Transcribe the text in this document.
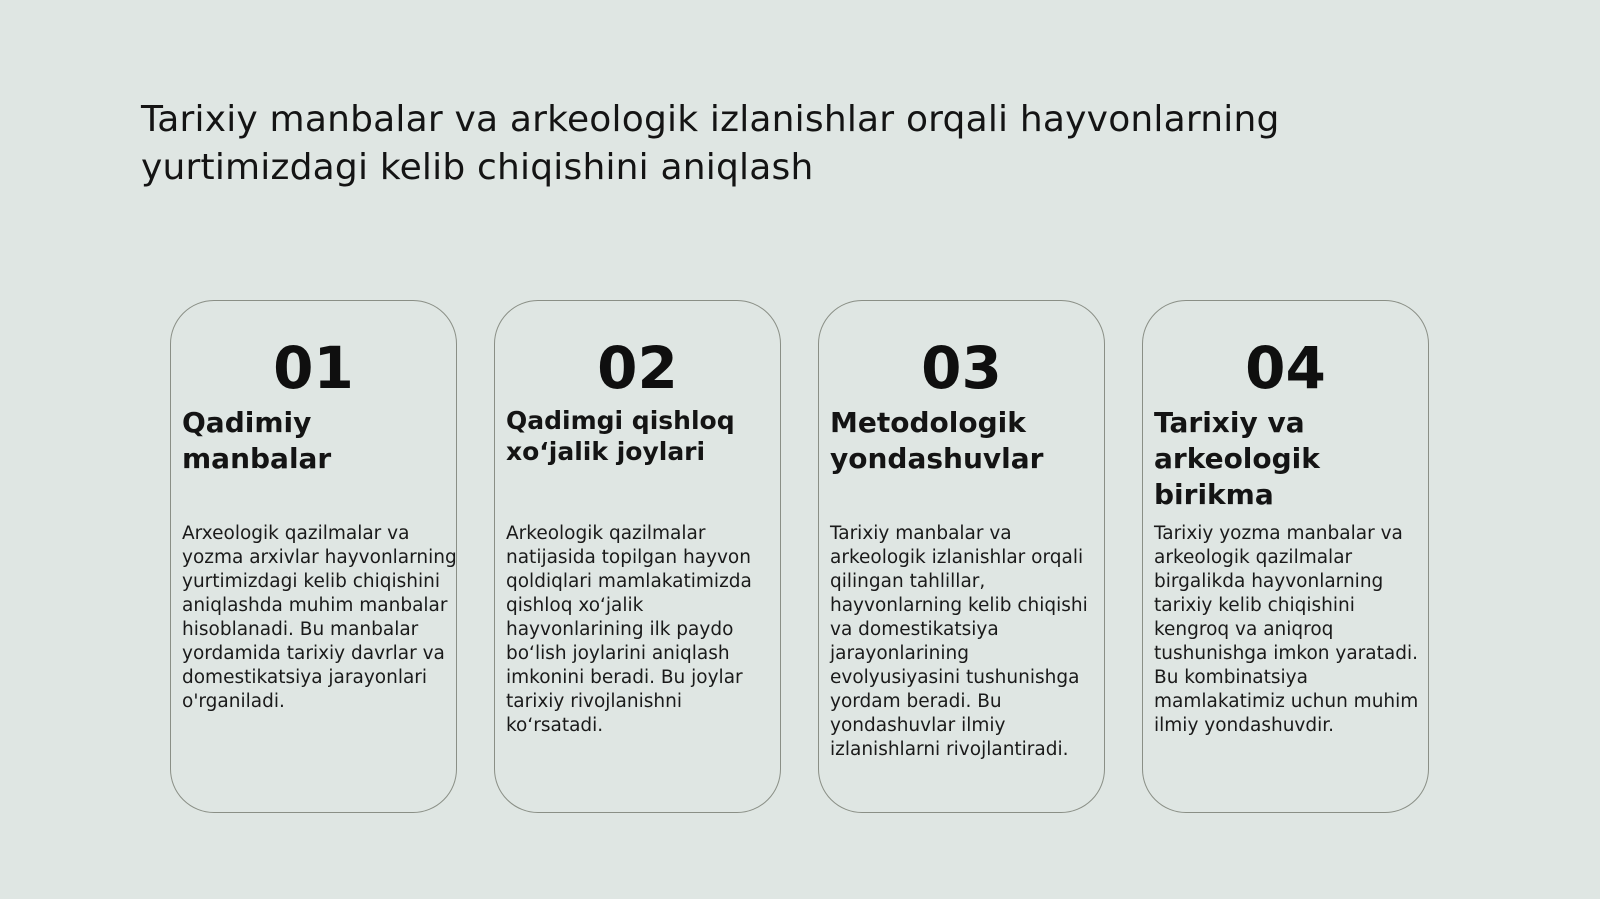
Tarixiy manbalar va arkeologik izlanishlar orqali hayvonlarning yurtimizdagi kelib chiqishini aniqlash
01
Qadimiy manbalar

Arxeologik qazilmalar va yozma arxivlar hayvonlarning yurtimizdagi kelib chiqishini aniqlashda muhim manbalar hisoblanadi. Bu manbalar yordamida tarixiy davrlar va domestikatsiya jarayonlari o'rganiladi.

02
Qadimgi qishloq xo‘jalik joylari

Arkeologik qazilmalar natijasida topilgan hayvon qoldiqlari mamlakatimizda qishloq xo‘jalik hayvonlarining ilk paydo bo‘lish joylarini aniqlash imkonini beradi. Bu joylar tarixiy rivojlanishni ko‘rsatadi.

03
Metodologik yondashuvlar

Tarixiy manbalar va arkeologik izlanishlar orqali qilingan tahlillar, hayvonlarning kelib chiqishi va domestikatsiya jarayonlarining evolyusiyasini tushunishga yordam beradi. Bu yondashuvlar ilmiy izlanishlarni rivojlantiradi.

04
Tarixiy va arkeologik birikma

Tarixiy yozma manbalar va arkeologik qazilmalar birgalikda hayvonlarning tarixiy kelib chiqishini kengroq va aniqroq tushunishga imkon yaratadi. Bu kombinatsiya mamlakatimiz uchun muhim ilmiy yondashuvdir.
